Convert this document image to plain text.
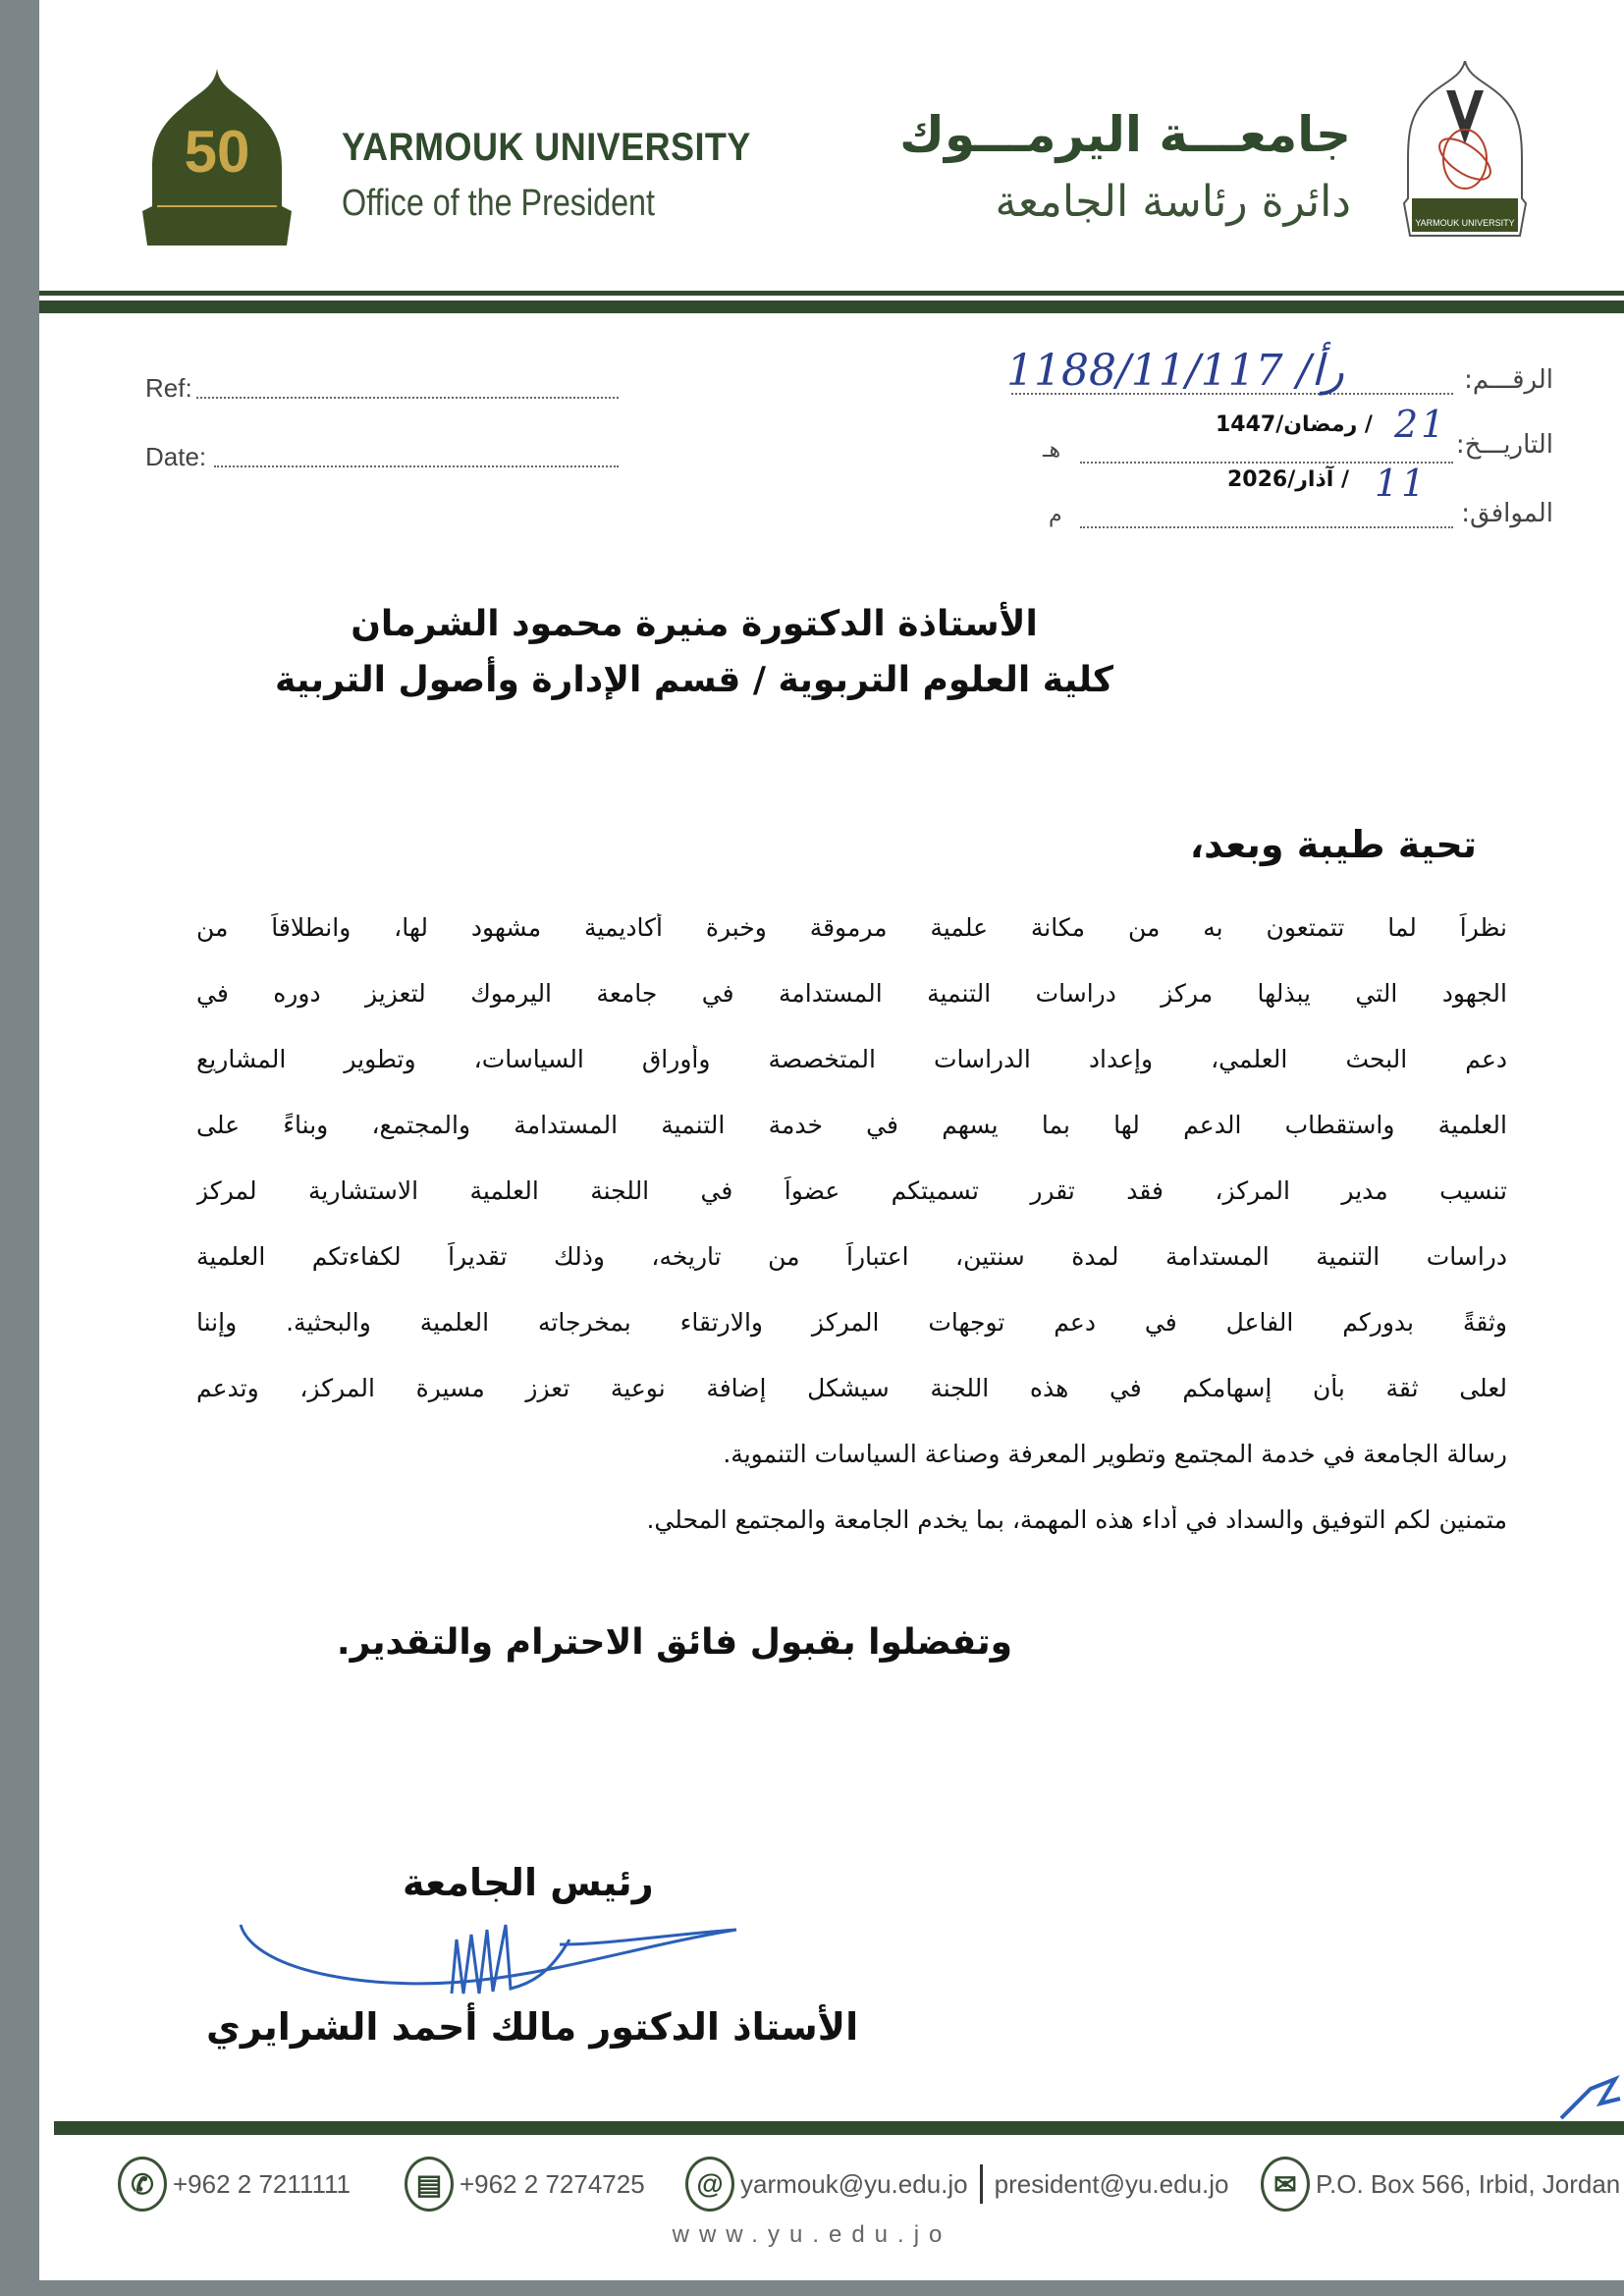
50 YARMOUK UNIVERSITY
Office of the President
جامعـــة اليرمـــوك
دائرة رئاسة الجامعة	YARMOUK UNIVERSITY
Ref:
Date:
الرقـــم:
1188/11/117 /رأ
التاريـــخ:
21
/ رمضان/1447
هـ
11
/ آذار/2026
الموافق:
م
الأستاذة الدكتورة منيرة محمود الشرمان
كلية العلوم التربوية / قسم الإدارة وأصول التربية
تحية طيبة وبعد،
نظراً لما تتمتعون به من مكانة علمية مرموقة وخبرة أكاديمية مشهود لها، وانطلاقاً من
الجهود التي يبذلها مركز دراسات التنمية المستدامة في جامعة اليرموك لتعزيز دوره في
دعم البحث العلمي، وإعداد الدراسات المتخصصة وأوراق السياسات، وتطوير المشاريع
العلمية واستقطاب الدعم لها بما يسهم في خدمة التنمية المستدامة والمجتمع، وبناءً على
تنسيب مدير المركز، فقد تقرر تسميتكم عضواً في اللجنة العلمية الاستشارية لمركز
دراسات التنمية المستدامة لمدة سنتين، اعتباراً من تاريخه، وذلك تقديراً لكفاءتكم العلمية
وثقةً بدوركم الفاعل في دعم توجهات المركز والارتقاء بمخرجاته العلمية والبحثية. وإننا
لعلى ثقة بأن إسهامكم في هذه اللجنة سيشكل إضافة نوعية تعزز مسيرة المركز، وتدعم
رسالة الجامعة في خدمة المجتمع وتطوير المعرفة وصناعة السياسات التنموية.
متمنين لكم التوفيق والسداد في أداء هذه المهمة، بما يخدم الجامعة والمجتمع المحلي.
وتفضلوا بقبول فائق الاحترام والتقدير.
رئيس الجامعة
الأستاذ الدكتور مالك أحمد الشرايري
✆ +962 2 7211111	▤ +962 2 7274725	@ yarmouk@yu.edu.jo president@yu.edu.jo	✉ P.O. Box 566, Irbid, Jordan
www.yu.edu.jo
